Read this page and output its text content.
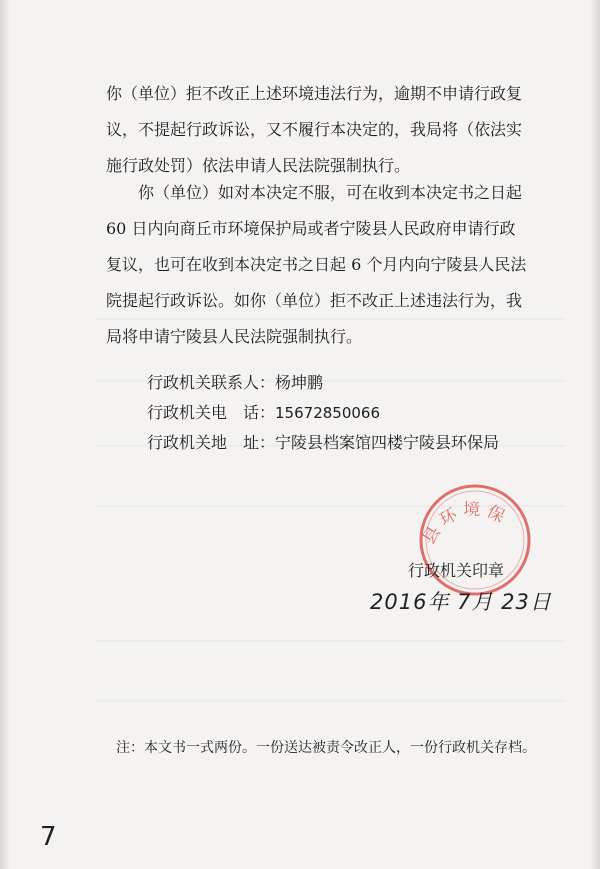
你（单位）拒不改正上述环境违法行为，逾期不申请行政复
议，不提起行政诉讼，又不履行本决定的，我局将（依法实
施行政处罚）依法申请人民法院强制执行。
你（单位）如对本决定不服，可在收到本决定书之日起
60 日内向商丘市环境保护局或者宁陵县人民政府申请行政
复议，也可在收到本决定书之日起 6 个月内向宁陵县人民法
院提起行政诉讼。如你（单位）拒不改正上述违法行为，我
局将申请宁陵县人民法院强制执行。
行政机关联系人：杨坤鹏
行政机关电　话：15672850066
行政机关地　址：宁陵县档案馆四楼宁陵县环保局
县环境保
行政机关印章
2016年 7月 23日

注：本文书一式两份。一份送达被责令改正人，一份行政机关存档。

7
